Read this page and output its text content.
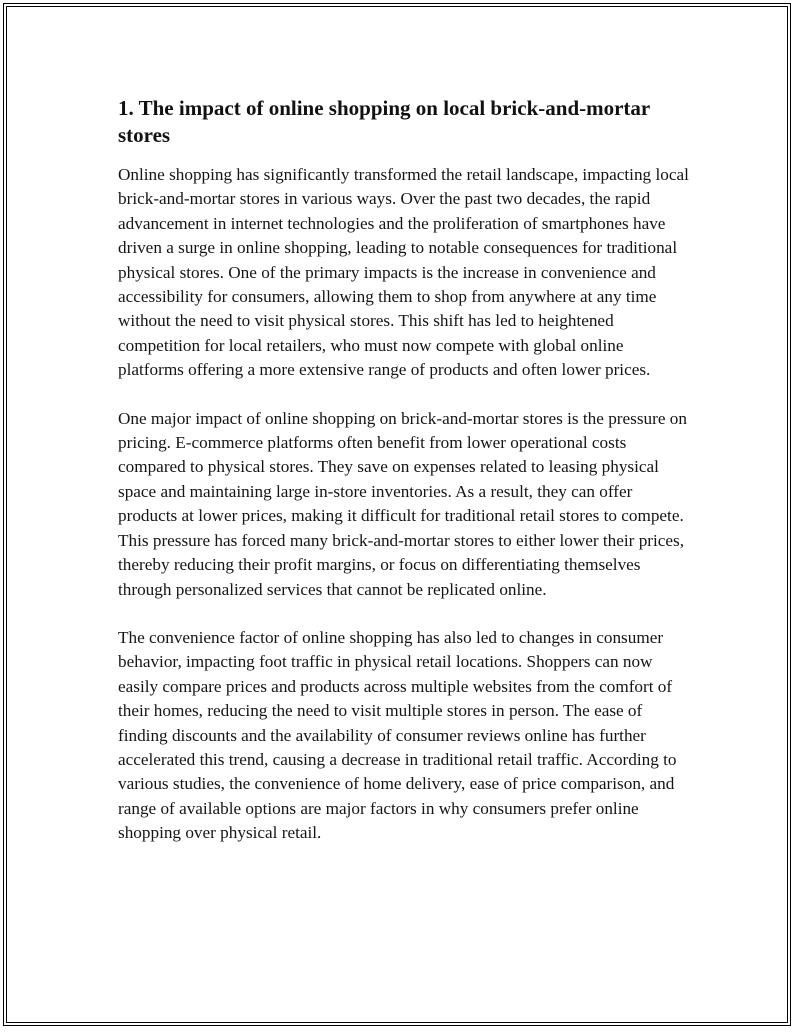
1. The impact of online shopping on local brick-and-mortar stores

Online shopping has significantly transformed the retail landscape, impacting local brick-and-mortar stores in various ways. Over the past two decades, the rapid advancement in internet technologies and the proliferation of smartphones have driven a surge in online shopping, leading to notable consequences for traditional physical stores. One of the primary impacts is the increase in convenience and accessibility for consumers, allowing them to shop from anywhere at any time without the need to visit physical stores. This shift has led to heightened competition for local retailers, who must now compete with global online platforms offering a more extensive range of products and often lower prices.

One major impact of online shopping on brick-and-mortar stores is the pressure on pricing. E-commerce platforms often benefit from lower operational costs compared to physical stores. They save on expenses related to leasing physical space and maintaining large in-store inventories. As a result, they can offer products at lower prices, making it difficult for traditional retail stores to compete. This pressure has forced many brick-and-mortar stores to either lower their prices, thereby reducing their profit margins, or focus on differentiating themselves through personalized services that cannot be replicated online.

The convenience factor of online shopping has also led to changes in consumer behavior, impacting foot traffic in physical retail locations. Shoppers can now easily compare prices and products across multiple websites from the comfort of their homes, reducing the need to visit multiple stores in person. The ease of finding discounts and the availability of consumer reviews online has further accelerated this trend, causing a decrease in traditional retail traffic. According to various studies, the convenience of home delivery, ease of price comparison, and range of available options are major factors in why consumers prefer online shopping over physical retail.
